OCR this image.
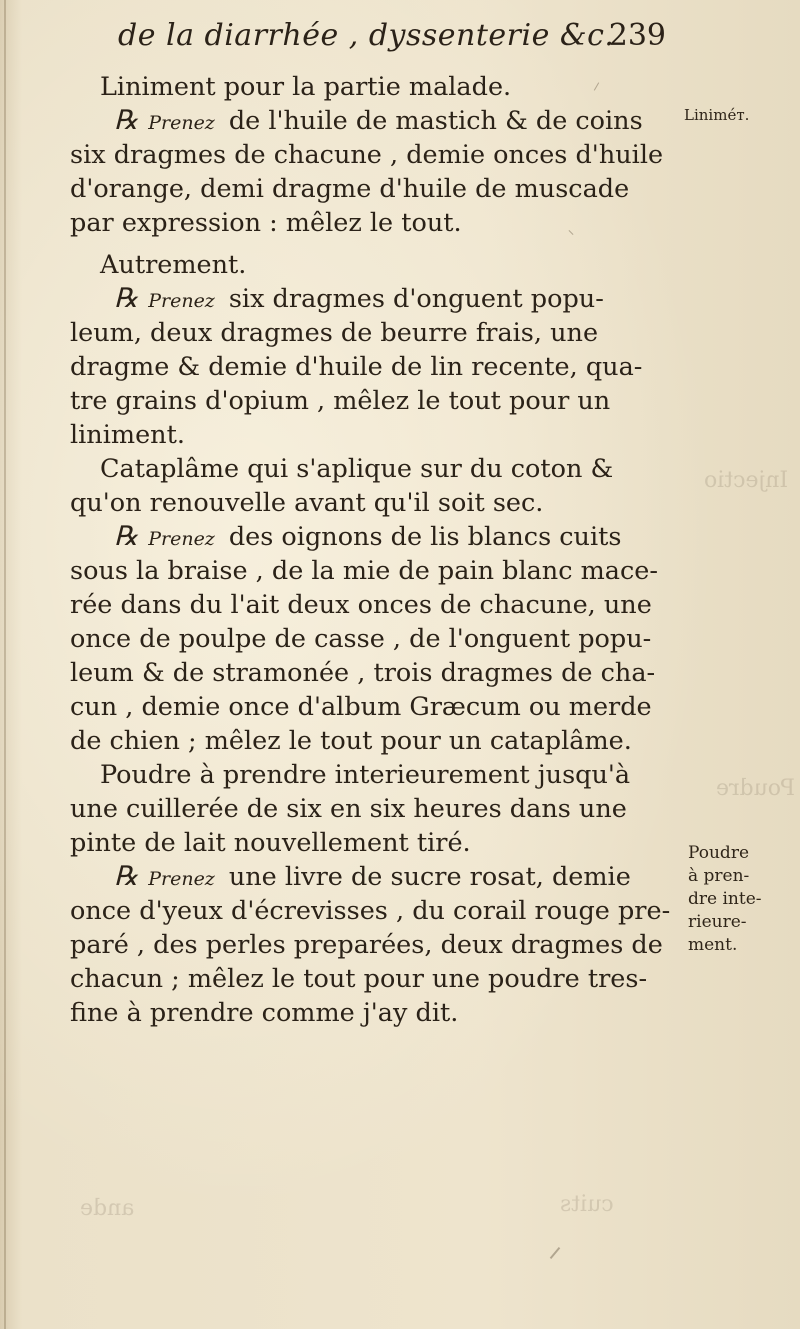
Injectio
Poudre
cuits
ande
de la diarrhée , dyssenterie &c.
239
Liniment pour la partie malade.
℞ Prenez de l'huile de mastich & de coins
six dragmes de chacune , demie onces d'huile
d'orange, demi dragme d'huile de muscade
par expression : mêlez le tout.
Autrement.
℞ Prenez six dragmes d'onguent popu-
leum, deux dragmes de beurre frais, une
dragme & demie d'huile de lin recente, qua-
tre grains d'opium , mêlez le tout pour un
liniment.
Cataplâme qui s'aplique sur du coton &
qu'on renouvelle avant qu'il soit sec.
℞ Prenez des oignons de lis blancs cuits
sous la braise , de la mie de pain blanc mace-
rée dans du l'ait deux onces de chacune, une
once de poulpe de casse , de l'onguent popu-
leum & de stramonée , trois dragmes de cha-
cun , demie once d'album Græcum ou merde
de chien ; mêlez le tout pour un cataplâme.
Poudre à prendre interieurement jusqu'à
une cuillerée de six en six heures dans une
pinte de lait nouvellement tiré.
℞ Prenez une livre de sucre rosat, demie
once d'yeux d'écrevisses , du corail rouge pre-
paré , des perles preparées, deux dragmes de
chacun ; mêlez le tout pour une poudre tres-
fine à prendre comme j'ay dit.
Liniméт.
Poudre
à pren-
dre inte-
rieure-
ment.
